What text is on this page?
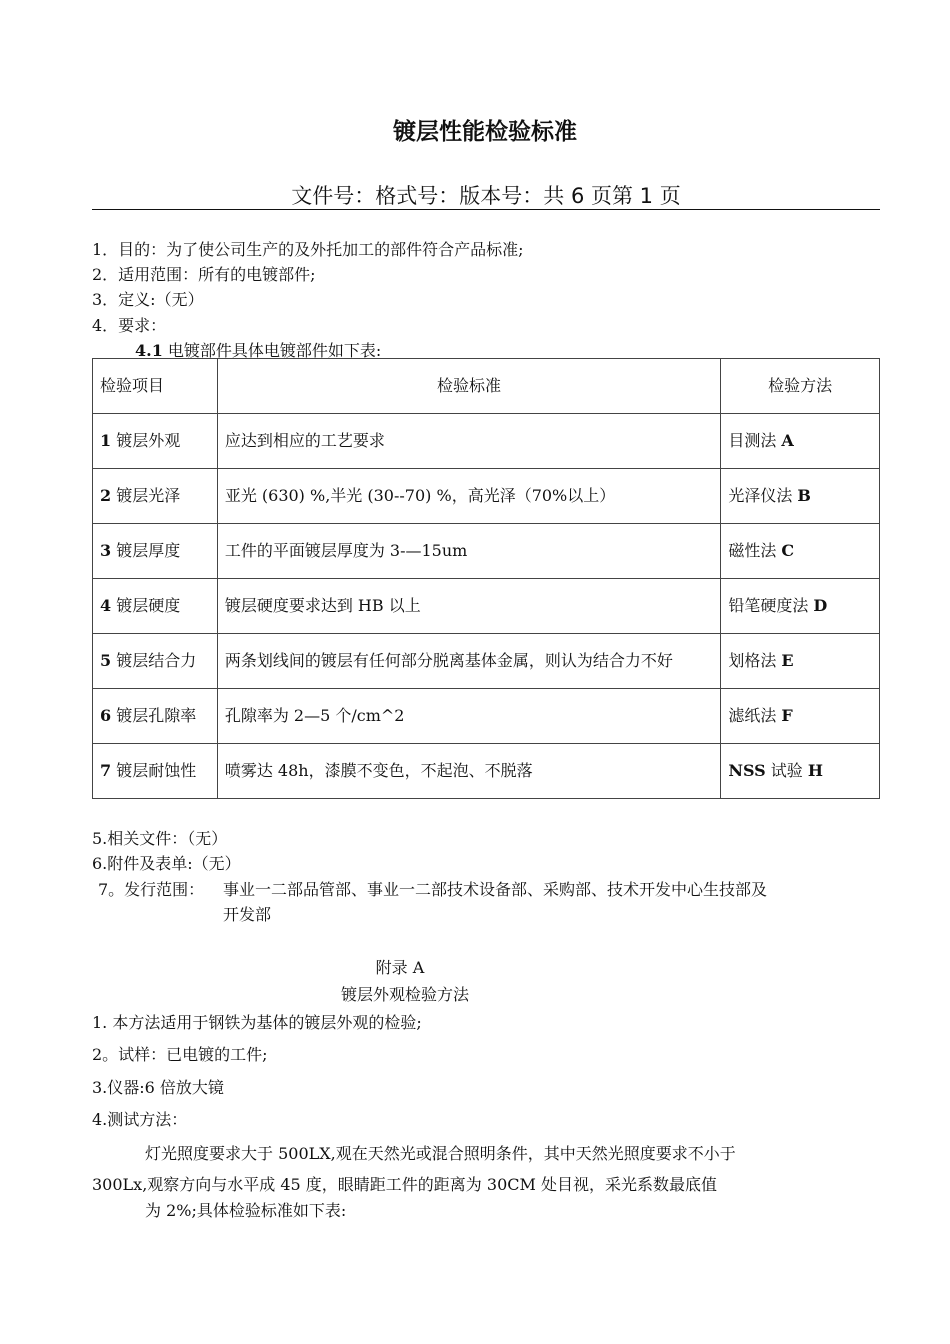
镀层性能检验标准
文件号：格式号：版本号：共 6 页第 1 页
1．目的：为了使公司生产的及外托加工的部件符合产品标准;
2．适用范围：所有的电镀部件;
3．定义:（无）
4．要求：
4.1 电镀部件具体电镀部件如下表:
检验项目	检验标准	检验方法
1 镀层外观	应达到相应的工艺要求	目测法 A
2 镀层光泽	亚光 (630) %,半光 (30--70) %，高光泽（70%以上）	光泽仪法 B
3 镀层厚度	工件的平面镀层厚度为 3-—15um	磁性法 C
4 镀层硬度	镀层硬度要求达到 HB 以上	铅笔硬度法 D
5 镀层结合力	两条划线间的镀层有任何部分脱离基体金属，则认为结合力不好	划格法 E
6 镀层孔隙率	孔隙率为 2—5 个/cm^2	滤纸法 F
7 镀层耐蚀性	喷雾达 48h，漆膜不变色，不起泡、不脱落	NSS 试验 H
5.相关文件：（无）
6.附件及表单:（无）
7。发行范围： 事业一二部品管部、事业一二部技术设备部、采购部、技术开发中心生技部及
开发部
附录 A
镀层外观检验方法
1. 本方法适用于钢铁为基体的镀层外观的检验;
2。试样：已电镀的工件;
3.仪器:6 倍放大镜
4.测试方法：
灯光照度要求大于 500LX,观在天然光或混合照明条件，其中天然光照度要求不小于
300Lx,观察方向与水平成 45 度，眼睛距工件的距离为 30CM 处目视，采光系数最底值
为 2%;具体检验标准如下表:
